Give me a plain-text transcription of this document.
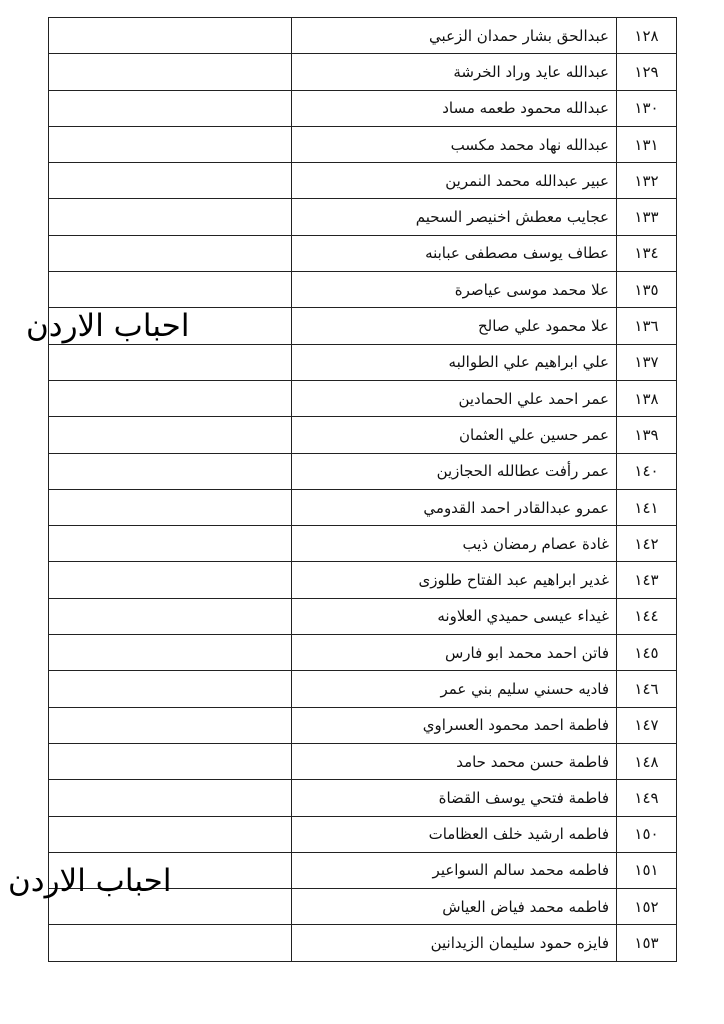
	عبدالحق بشار حمدان الزعبي	١٢٨
	عبدالله عايد وراد الخرشة	١٢٩
	عبدالله محمود طعمه مساد	١٣٠
	عبدالله نهاد محمد مكسب	١٣١
	عبير عبدالله محمد النمرين	١٣٢
	عجايب معطش اخنيصر السحيم	١٣٣
	عطاف يوسف مصطفى عبابنه	١٣٤
	علا محمد موسى عياصرة	١٣٥
	علا محمود علي صالح	١٣٦
	علي ابراهيم علي الطوالبه	١٣٧
	عمر احمد علي الحمادين	١٣٨
	عمر حسين علي العثمان	١٣٩
	عمر رأفت عطالله الحجازين	١٤٠
	عمرو عبدالقادر احمد القدومي	١٤١
	غادة عصام رمضان ذيب	١٤٢
	غدير ابراهيم عبد الفتاح طلوزى	١٤٣
	غيداء عيسى حميدي العلاونه	١٤٤
	فاتن احمد محمد ابو فارس	١٤٥
	فاديه حسني سليم بني عمر	١٤٦
	فاطمة احمد محمود العسراوي	١٤٧
	فاطمة حسن محمد حامد	١٤٨
	فاطمة فتحي يوسف القضاة	١٤٩
	فاطمه ارشيد خلف العظامات	١٥٠
	فاطمه محمد سالم السواعير	١٥١
	فاطمه محمد فياض العياش	١٥٢
	فايزه حمود سليمان الزيدانين	١٥٣
احباب الاردن
احباب الاردن
